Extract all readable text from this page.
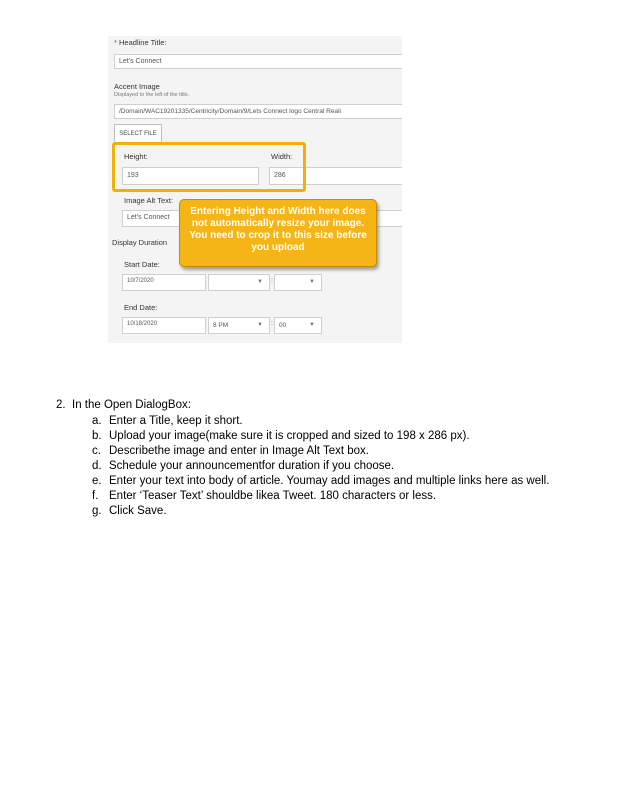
* Headline Title:
Let's Connect
Accent Image
Displayed to the left of the title.
/Domain/WAC19201335/Centricity/Domain/9/Lets Connect logo Central Reali
SELECT FILE
Height:
193
Width:
286
Image Alt Text:
Let's Connect
Display Duration
Start Date:
10/7/2020	▼ :	▼
End Date:
10/18/2020	8 PM	▼ : 00	▼
Entering Height and Width here does not automatically resize your image. You need to crop it to this size before you upload
2. In the Open DialogBox:
a. Enter a Title, keep it short.
b. Upload your image(make sure it is cropped and sized to 198 x 286 px).
c. Describethe image and enter in Image Alt Text box.
d. Schedule your announcementfor duration if you choose.
e. Enter your text into body of article. Youmay add images and multiple links here as well.
f. Enter ‘Teaser Text’ shouldbe likea Tweet. 180 characters or less.
g. Click Save.
